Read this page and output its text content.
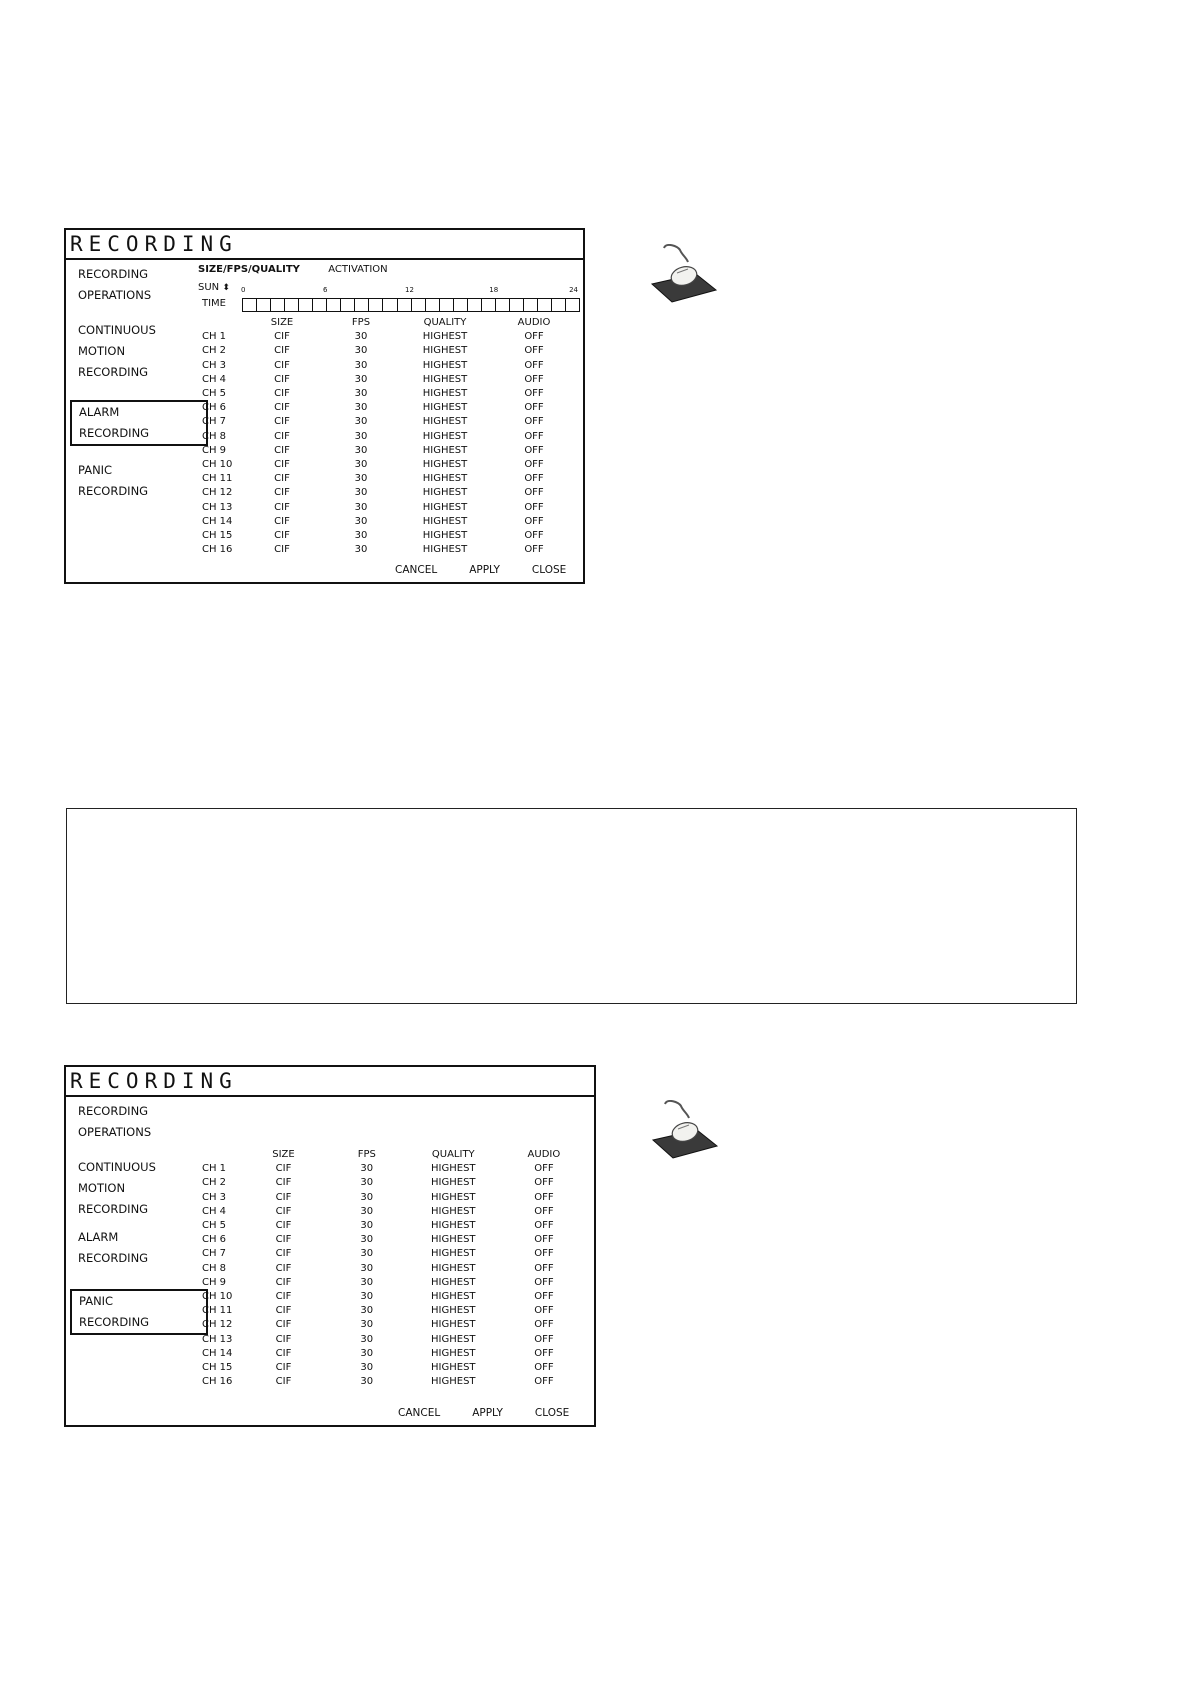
RECORDING
RECORDING
OPERATIONS
CONTINUOUS
MOTION
RECORDING
ALARM
RECORDING
PANIC
RECORDING
SIZE/FPS/QUALITY	ACTIVATION
SUN ⬍ 0	6	12	18	24
TIME
	SIZE	FPS	QUALITY	AUDIO
CH 1	CIF	30	HIGHEST	OFF
CH 2	CIF	30	HIGHEST	OFF
CH 3	CIF	30	HIGHEST	OFF
CH 4	CIF	30	HIGHEST	OFF
CH 5	CIF	30	HIGHEST	OFF
CH 6	CIF	30	HIGHEST	OFF
CH 7	CIF	30	HIGHEST	OFF
CH 8	CIF	30	HIGHEST	OFF
CH 9	CIF	30	HIGHEST	OFF
CH 10	CIF	30	HIGHEST	OFF
CH 11	CIF	30	HIGHEST	OFF
CH 12	CIF	30	HIGHEST	OFF
CH 13	CIF	30	HIGHEST	OFF
CH 14	CIF	30	HIGHEST	OFF
CH 15	CIF	30	HIGHEST	OFF
CH 16	CIF	30	HIGHEST	OFF
CANCEL	APPLY	CLOSE
RECORDING
RECORDING
OPERATIONS
CONTINUOUS
MOTION
RECORDING
ALARM
RECORDING
PANIC
RECORDING
	SIZE	FPS	QUALITY	AUDIO
CH 1	CIF	30	HIGHEST	OFF
CH 2	CIF	30	HIGHEST	OFF
CH 3	CIF	30	HIGHEST	OFF
CH 4	CIF	30	HIGHEST	OFF
CH 5	CIF	30	HIGHEST	OFF
CH 6	CIF	30	HIGHEST	OFF
CH 7	CIF	30	HIGHEST	OFF
CH 8	CIF	30	HIGHEST	OFF
CH 9	CIF	30	HIGHEST	OFF
CH 10	CIF	30	HIGHEST	OFF
CH 11	CIF	30	HIGHEST	OFF
CH 12	CIF	30	HIGHEST	OFF
CH 13	CIF	30	HIGHEST	OFF
CH 14	CIF	30	HIGHEST	OFF
CH 15	CIF	30	HIGHEST	OFF
CH 16	CIF	30	HIGHEST	OFF
CANCEL	APPLY	CLOSE
